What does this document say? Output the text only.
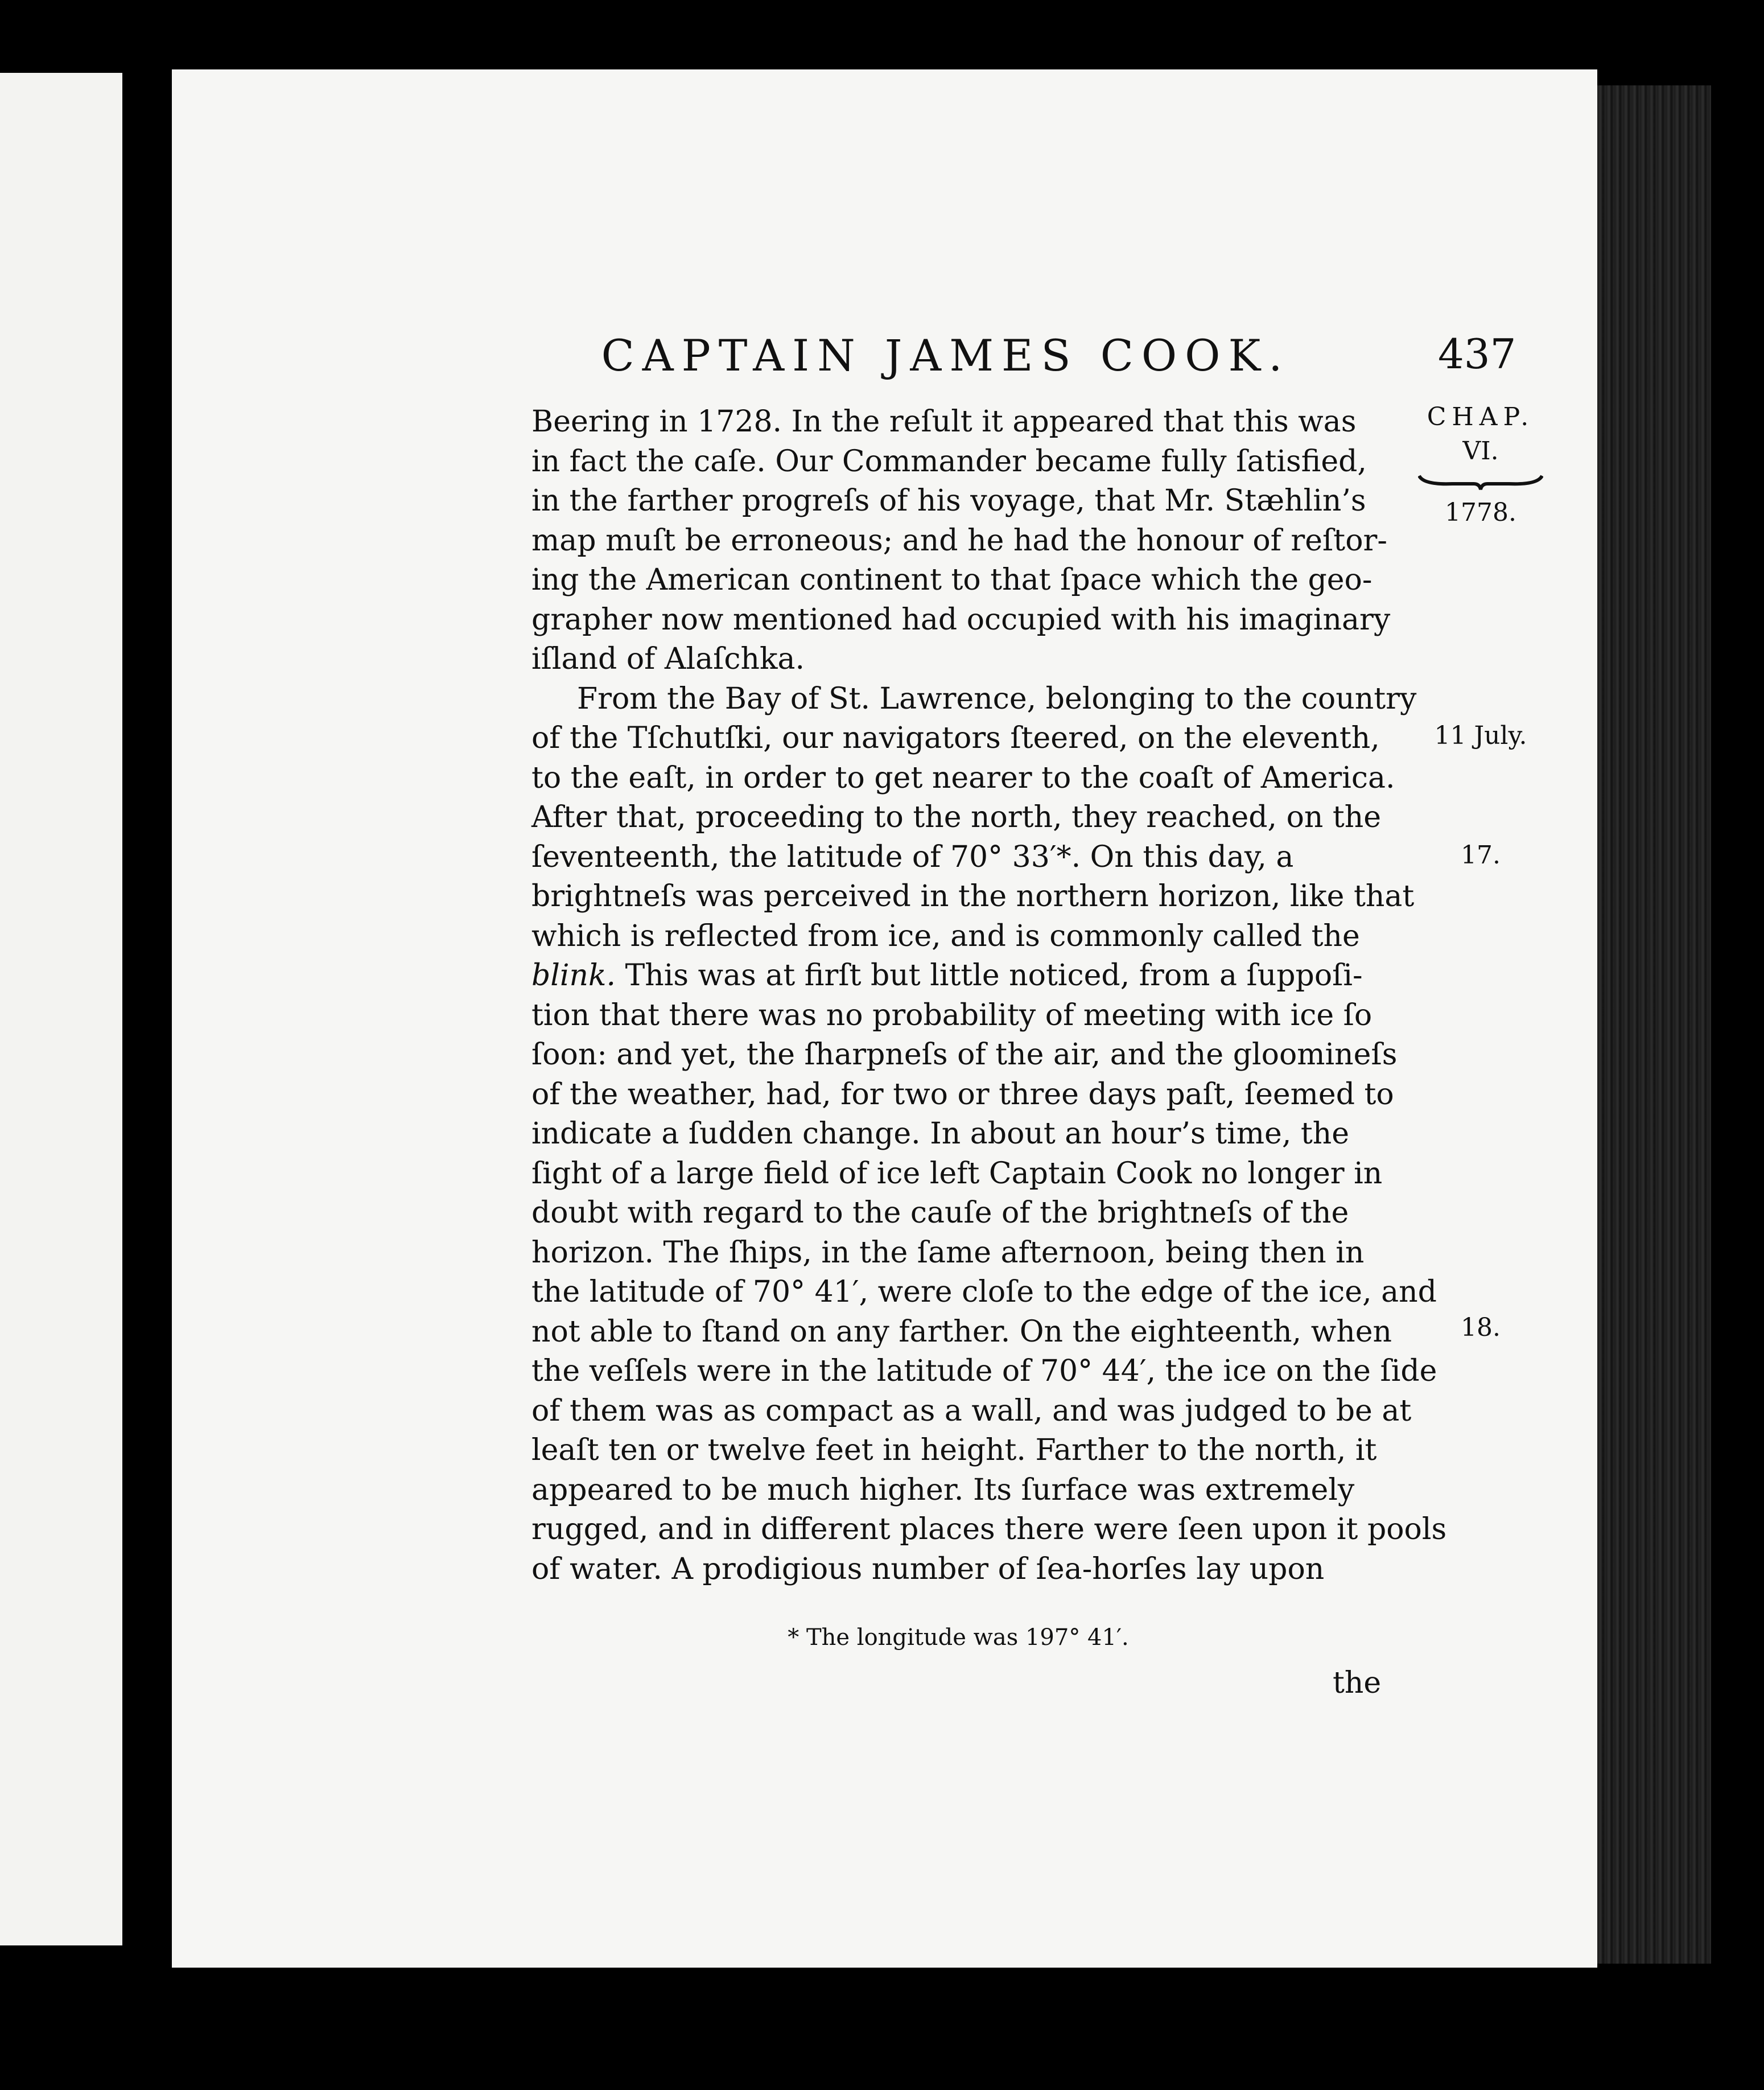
CAPTAIN JAMES COOK.	437
Beering in 1728. In the reſult it appeared that this was
in fact the caſe. Our Commander became fully ſatisfied,
in the farther progreſs of his voyage, that Mr. Stæhlin’s
map muſt be erroneous; and he had the honour of reſtor-
ing the American continent to that ſpace which the geo-
grapher now mentioned had occupied with his imaginary
iſland of Alaſchka.
From the Bay of St. Lawrence, belonging to the country
of the Tſchutſki, our navigators ſteered, on the eleventh,
to the eaſt, in order to get nearer to the coaſt of America.
After that, proceeding to the north, they reached, on the
ſeventeenth, the latitude of 70° 33′*. On this day, a
brightneſs was perceived in the northern horizon, like that
which is reflected from ice, and is commonly called the
blink. This was at firſt but little noticed, from a ſuppoſi-
tion that there was no probability of meeting with ice ſo
ſoon: and yet, the ſharpneſs of the air, and the gloomineſs
of the weather, had, for two or three days paſt, ſeemed to
indicate a ſudden change. In about an hour’s time, the
ſight of a large field of ice left Captain Cook no longer in
doubt with regard to the cauſe of the brightneſs of the
horizon. The ſhips, in the ſame afternoon, being then in
the latitude of 70° 41′, were cloſe to the edge of the ice, and
not able to ſtand on any farther. On the eighteenth, when
the veſſels were in the latitude of 70° 44′, the ice on the ſide
of them was as compact as a wall, and was judged to be at
leaſt ten or twelve feet in height. Farther to the north, it
appeared to be much higher. Its ſurface was extremely
rugged, and in different places there were ſeen upon it pools
of water. A prodigious number of ſea-horſes lay upon
CHAP.
VI.
1778.
11 July.
17.
18.
* The longitude was 197° 41′.
the
